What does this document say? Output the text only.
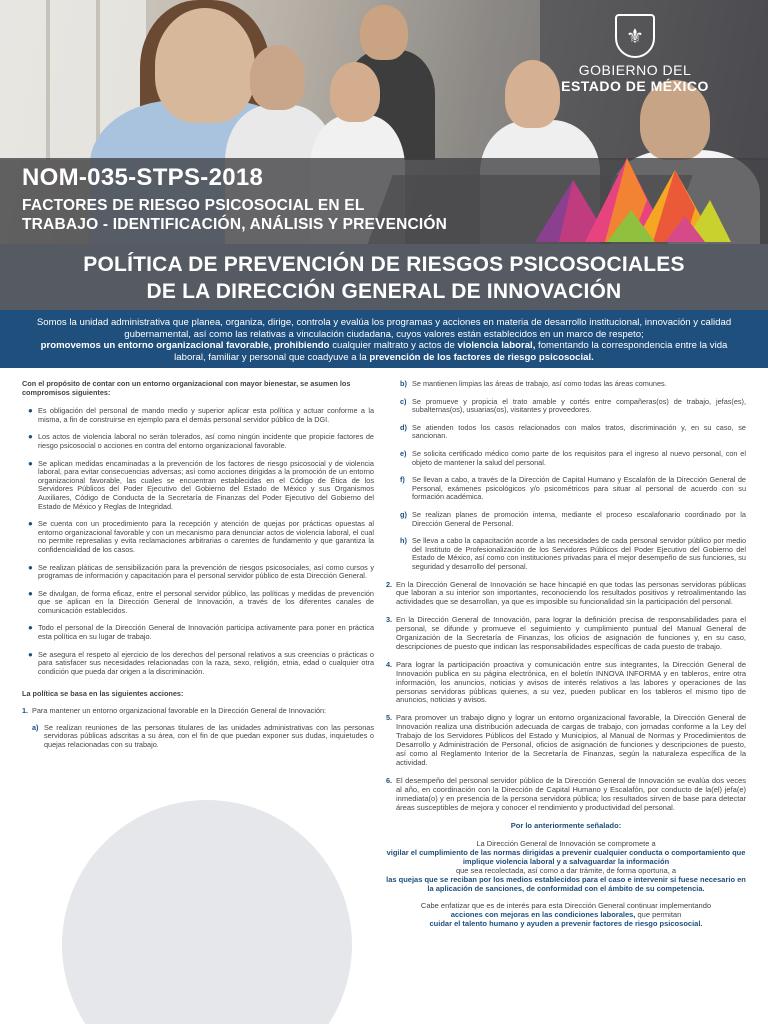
⚜
GOBIERNO DEL
ESTADO DE MÉXICO
NOM-035-STPS-2018
FACTORES DE RIESGO PSICOSOCIAL EN EL
TRABAJO - IDENTIFICACIÓN, ANÁLISIS Y PREVENCIÓN
POLÍTICA DE PREVENCIÓN DE RIESGOS PSICOSOCIALES
DE LA DIRECCIÓN GENERAL DE INNOVACIÓN
Somos la unidad administrativa que planea, organiza, dirige, controla y evalúa los programas y acciones en materia de desarrollo institucional, innovación y calidad gubernamental, así como las relativas a vinculación ciudadana, cuyos valores están establecidos en un marco de respeto;
promovemos un entorno organizacional favorable, prohibiendo cualquier maltrato y actos de violencia laboral, fomentando la correspondencia entre la vida laboral, familiar y personal que coadyuve a la prevención de los factores de riesgo psicosocial.
Con el propósito de contar con un entorno organizacional con mayor bienestar, se asumen los compromisos siguientes:
● Es obligación del personal de mando medio y superior aplicar esta política y actuar conforme a la misma, a fin de construirse en ejemplo para el demás personal servidor público de la DGI.
● Los actos de violencia laboral no serán tolerados, así como ningún incidente que propicie factores de riesgo psicosocial o acciones en contra del entorno organizacional favorable.
● Se aplican medidas encaminadas a la prevención de los factores de riesgo psicosocial y de violencia laboral, para evitar consecuencias adversas; así como acciones dirigidas a la promoción de un entorno organizacional favorable, las cuales se encuentran establecidas en el Código de Ética de los Servidores Públicos del Poder Ejecutivo del Gobierno del Estado de México y sus Organismos Auxiliares, Código de Conducta de la Secretaría de Finanzas del Poder Ejecutivo del Gobierno del Estado de México y Reglas de Integridad.
● Se cuenta con un procedimiento para la recepción y atención de quejas por prácticas opuestas al entorno organizacional favorable y con un mecanismo para denunciar actos de violencia laboral, el cual no permite represalias y evita reclamaciones arbitrarias o carentes de fundamento y que garantiza la confidencialidad de los casos.
● Se realizan pláticas de sensibilización para la prevención de riesgos psicosociales, así como cursos y programas de información y capacitación para el personal servidor público de esta Dirección General.
● Se divulgan, de forma eficaz, entre el personal servidor público, las políticas y medidas de prevención que se aplican en la Dirección General de Innovación, a través de los diferentes canales de comunicación establecidos.
● Todo el personal de la Dirección General de Innovación participa activamente para poner en práctica esta política en su lugar de trabajo.
● Se asegura el respeto al ejercicio de los derechos del personal relativos a sus creencias o prácticas o para satisfacer sus necesidades relacionadas con la raza, sexo, religión, etnia, edad o cualquier otra condición que pueda dar origen a la discriminación.
La política se basa en las siguientes acciones:
1. Para mantener un entorno organizacional favorable en la Dirección General de Innovación:
a) Se realizan reuniones de las personas titulares de las unidades administrativas con las personas servidoras públicas adscritas a su área, con el fin de que puedan exponer sus dudas, inquietudes o quejas relacionadas con su trabajo.
b) Se mantienen limpias las áreas de trabajo, así como todas las áreas comunes.
c) Se promueve y propicia el trato amable y cortés entre compañeras(os) de trabajo, jefas(es), subalternas(os), usuarias(os), visitantes y proveedores.
d) Se atienden todos los casos relacionados con malos tratos, discriminación y, en su caso, se sancionan.
e) Se solicita certificado médico como parte de los requisitos para el ingreso al nuevo personal, con el objeto de mantener la salud del personal.
f) Se llevan a cabo, a través de la Dirección de Capital Humano y Escalafón de la Dirección General de Personal, exámenes psicológicos y/o psicométricos para situar al personal de acuerdo con su formación académica.
g) Se realizan planes de promoción interna, mediante el proceso escalafonario coordinado por la Dirección General de Personal.
h) Se lleva a cabo la capacitación acorde a las necesidades de cada personal servidor público por medio del Instituto de Profesionalización de los Servidores Públicos del Poder Ejecutivo del Gobierno del Estado de México, así como con instituciones privadas para el mejor desempeño de sus funciones, su seguridad y desarrollo del personal.
2. En la Dirección General de Innovación se hace hincapié en que todas las personas servidoras públicas que laboran a su interior son importantes, reconociendo los resultados positivos y retroalimentando las actividades que se desarrollan, ya que es imposible su funcionalidad sin la participación del personal.
3. En la Dirección General de Innovación, para lograr la definición precisa de responsabilidades para el personal, se difunde y promueve el seguimiento y cumplimiento puntual del Manual General de Organización de la Secretaría de Finanzas, los oficios de asignación de funciones y, en su caso, descripciones de puesto que indican las responsabilidades específicas de cada puesto de trabajo.
4. Para lograr la participación proactiva y comunicación entre sus integrantes, la Dirección General de Innovación publica en su página electrónica, en el boletín INNOVA INFORMA y en tableros, entre otra información, los anuncios, noticias y avisos de interés relativos a las labores y operaciones de las personas servidoras públicas quienes, a su vez, pueden publicar en los tableros el mismo tipo de anuncios, noticias y avisos.
5. Para promover un trabajo digno y lograr un entorno organizacional favorable, la Dirección General de Innovación realiza una distribución adecuada de cargas de trabajo, con jornadas conforme a la Ley del Trabajo de los Servidores Públicos del Estado y Municipios, al Manual de Normas y Procedimientos de Desarrollo y Administración de Personal, oficios de asignación de funciones y descripciones de puesto, así como al Reglamento Interior de la Secretaría de Finanzas, según la naturaleza específica de la actividad.
6. El desempeño del personal servidor público de la Dirección General de Innovación se evalúa dos veces al año, en coordinación con la Dirección de Capital Humano y Escalafón, por conducto de la(el) jefa(e) inmediata(o) y en presencia de la persona servidora pública; los resultados sirven de base para detectar áreas susceptibles de mejora y conocer el rendimiento y productividad del personal.
Por lo anteriormente señalado:

La Dirección General de Innovación se compromete a
vigilar el cumplimiento de las normas dirigidas a prevenir cualquier conducta o comportamiento que implique violencia laboral y a salvaguardar la información
que sea recolectada, así como a dar trámite, de forma oportuna, a
las quejas que se reciban por los medios establecidos para el caso e intervenir si fuese necesario en la aplicación de sanciones, de conformidad con el ámbito de su competencia.

Cabe enfatizar que es de interés para esta Dirección General continuar implementando
acciones con mejoras en las condiciones laborales, que permitan
cuidar el talento humano y ayuden a prevenir factores de riesgo psicosocial.
